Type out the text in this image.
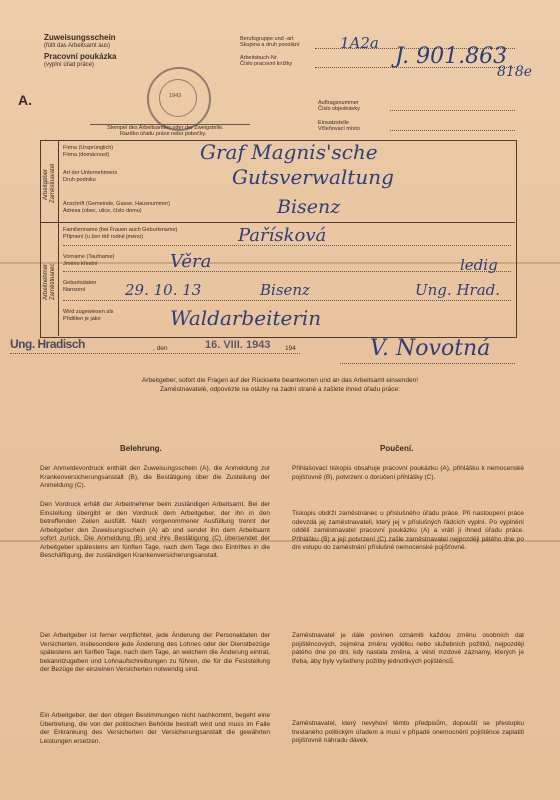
Zuweisungsschein
(füllt das Arbeitsamt aus)
Pracovní poukázka
(vyplní úřad práce)
A.	1943
Stempel des Arbeitsamtes oder der Zweigstelle.
Razítko úřadu práce nebo pobočky.
Berufsgruppe und -art
Skupina a druh povolání
Arbeitsbuch-Nr.
Číslo pracovní knížky
1A2a
J. 901.863
818e
Auftragsnummer
Číslo objednávky
Einsatzstelle
Včleňovací místo
Arbeitgeber Zaměstnavatel
Firma (Ursprünglich)
Firma (domácnost)	Graf Magnis'sche
Art der Unternehmens
Druh podniku	Gutsverwaltung
Anschrift (Gemeinde, Gasse, Hausnummer)
Adresa (obec, ulice, číslo domu)	Bisenz
Arbeitnehmer Zaměstnanec
Familienname (bei Frauen auch Geburtsname)
Příjmení (u žen též rodné jméno)	Pařísková
Vorname (Taufname)
Jméno křestní	Věra	ledig
Geburtsdaten
Narození	29. 10. 13	Bisenz	Ung. Hrad.
Wird zugewiesen als
Přidělen je jako	Waldarbeiterin
Ung. Hradisch	, den	16. VIII. 1943 194	V. Novotná
Arbeitgeber, sofort die Fragen auf der Rückseite beantworten und an das Arbeitsamt einsenden!
Zaměstnavatelé, odpovězte na otázky na zadní straně a zašlete ihned úřadu práce:
Belehrung.
Der Anmeldevordruck enthält den Zuweisungsschein (A), die Anmeldung zur Krankenversicherungsanstalt (B), die Bestätigung über die Zustellung der Anmeldung (C).
Den Vordruck erhält der Arbeitnehmer beim zuständigen Arbeitsamt. Bei der Einstellung übergibt er den Vordruck dem Arbeitgeber, der ihn in den betreffenden Zeilen ausfüllt. Nach vorgenommener Ausfüllung trennt der Arbeitgeber den Zuweisungsschein (A) ab und sendet ihn dem Arbeitsamt sofort zurück. Die Anmeldung (B) und ihre Bestätigung (C) übersendet der Arbeitgeber spätestens am fünften Tage, nach dem Tage des Eintrittes in die Beschäftigung, der zuständigen Krankenversicherungsanstalt.
Der Arbeitgeber ist ferner verpflichtet, jede Änderung der Personaldaten der Versicherten, insbesondere jede Änderung des Lohnes oder der Dienstbezüge spätestens am fünften Tage, nach dem Tage, an welchem die Änderung eintrat, bekanntzugeben und Lohnaufschreibungen zu führen, die für die Feststellung der Bezüge der einzelnen Versicherten notwendig sind.
Ein Arbeitgeber, der den obigen Bestimmungen nicht nachkommt, begeht eine Übertretung, die von der politischen Behörde bestraft wird und muss im Falle der Erkrankung des Versicherten der Versicherungsanstalt die gewährten Leistungen ersetzen.
Poučení.
Přihlašovací tiskopis obsahuje pracovní poukázku (A), přihlášku k nemocenské pojišťovně (B), potvrzení o doručení přihlášky (C).
Tiskopis obdrží zaměstnanec u příslušného úřadu práce. Při nastoupení práce odevzdá jej zaměstnavateli, který jej v příslušných řádcích vyplní. Po vyplnění oddělí zaměstnavatel pracovní poukázku (A) a vrátí ji ihned úřadu práce. Přihlášku (B) a její potvrzení (C) zašle zaměstnavatel nejpozději pátého dne po dni vstupu do zaměstnání příslušné nemocenské pojišťovně.
Zaměstnavatel je dále povinen oznámiti každou změnu osobních dat pojištěncových, zejména změnu výdělku nebo služebních požitků, nejpozději pátého dne po dni, kdy nastala změna, a vésti mzdové záznamy, kterých je třeba, aby byly vyšetřeny požitky jednotlivých pojištěnců.
Zaměstnavatel, který nevyhoví těmto předpisům, dopouští se přestupku trestaného politickým úřadem a musí v případě onemocnění pojištěnce zaplatiti pojišťovně náhradu dávek.
